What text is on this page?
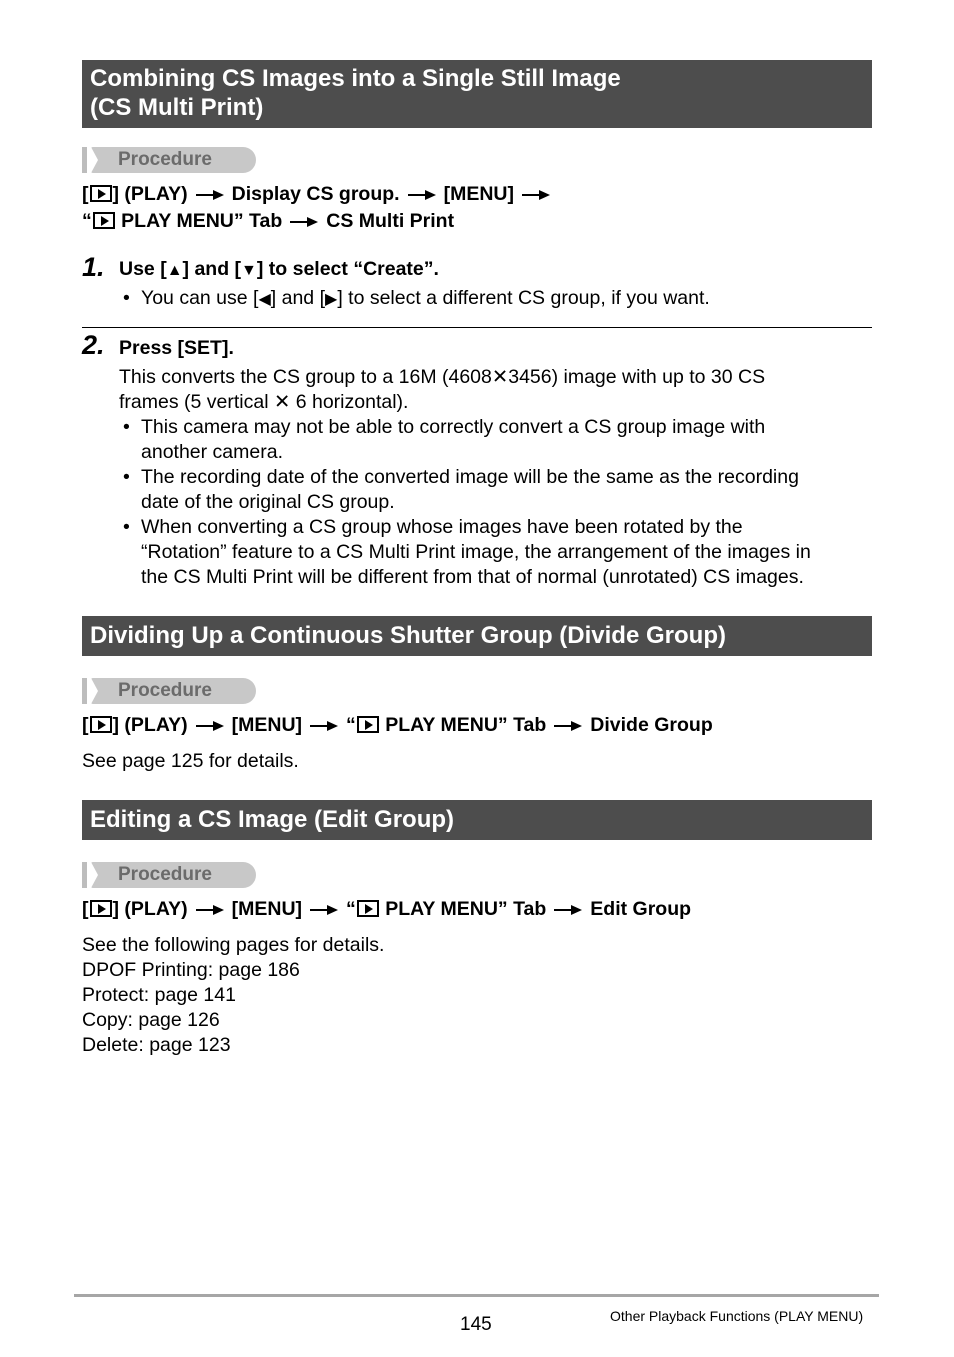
Combining CS Images into a Single Still Image
(CS Multi Print)
Procedure
[ ] (PLAY) Display CS group. [MENU]
“ PLAY MENU” Tab CS Multi Print
1. Use [▲] and [▼] to select “Create”.
• You can use [◀] and [▶] to select a different CS group, if you want.
2. Press [SET].
This converts the CS group to a 16M (4608✕3456) image with up to 30 CS
frames (5 vertical ✕ 6 horizontal).
• This camera may not be able to correctly convert a CS group image with
another camera.
• The recording date of the converted image will be the same as the recording
date of the original CS group.
• When converting a CS group whose images have been rotated by the
“Rotation” feature to a CS Multi Print image, the arrangement of the images in
the CS Multi Print will be different from that of normal (unrotated) CS images.
Dividing Up a Continuous Shutter Group (Divide Group)
Procedure
[ ] (PLAY) [MENU] “ PLAY MENU” Tab Divide Group
See page 125 for details.
Editing a CS Image (Edit Group)
Procedure
[ ] (PLAY) [MENU] “ PLAY MENU” Tab Edit Group
See the following pages for details.
DPOF Printing: page 186
Protect: page 141
Copy: page 126
Delete: page 123
145	Other Playback Functions (PLAY MENU)
